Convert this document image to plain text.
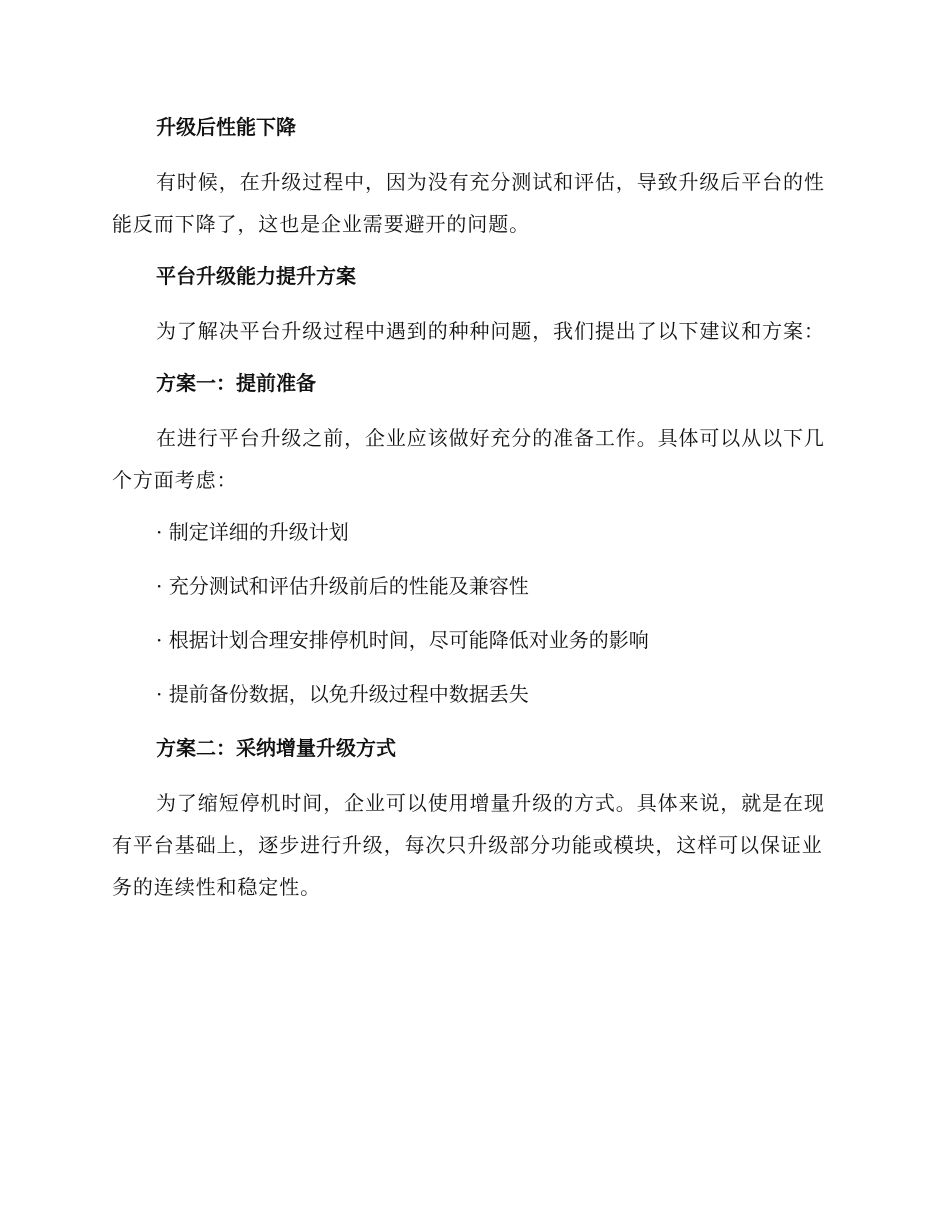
升级后性能下降

有时候，在升级过程中，因为没有充分测试和评估，导致升级后平台的性能反而下降了，这也是企业需要避开的问题。

平台升级能力提升方案

为了解决平台升级过程中遇到的种种问题，我们提出了以下建议和方案：

方案一：提前准备

在进行平台升级之前，企业应该做好充分的准备工作。具体可以从以下几个方面考虑：

· 制定详细的升级计划
· 充分测试和评估升级前后的性能及兼容性
· 根据计划合理安排停机时间，尽可能降低对业务的影响
· 提前备份数据，以免升级过程中数据丢失
方案二：采纳增量升级方式

为了缩短停机时间，企业可以使用增量升级的方式。具体来说，就是在现有平台基础上，逐步进行升级，每次只升级部分功能或模块，这样可以保证业务的连续性和稳定性。
